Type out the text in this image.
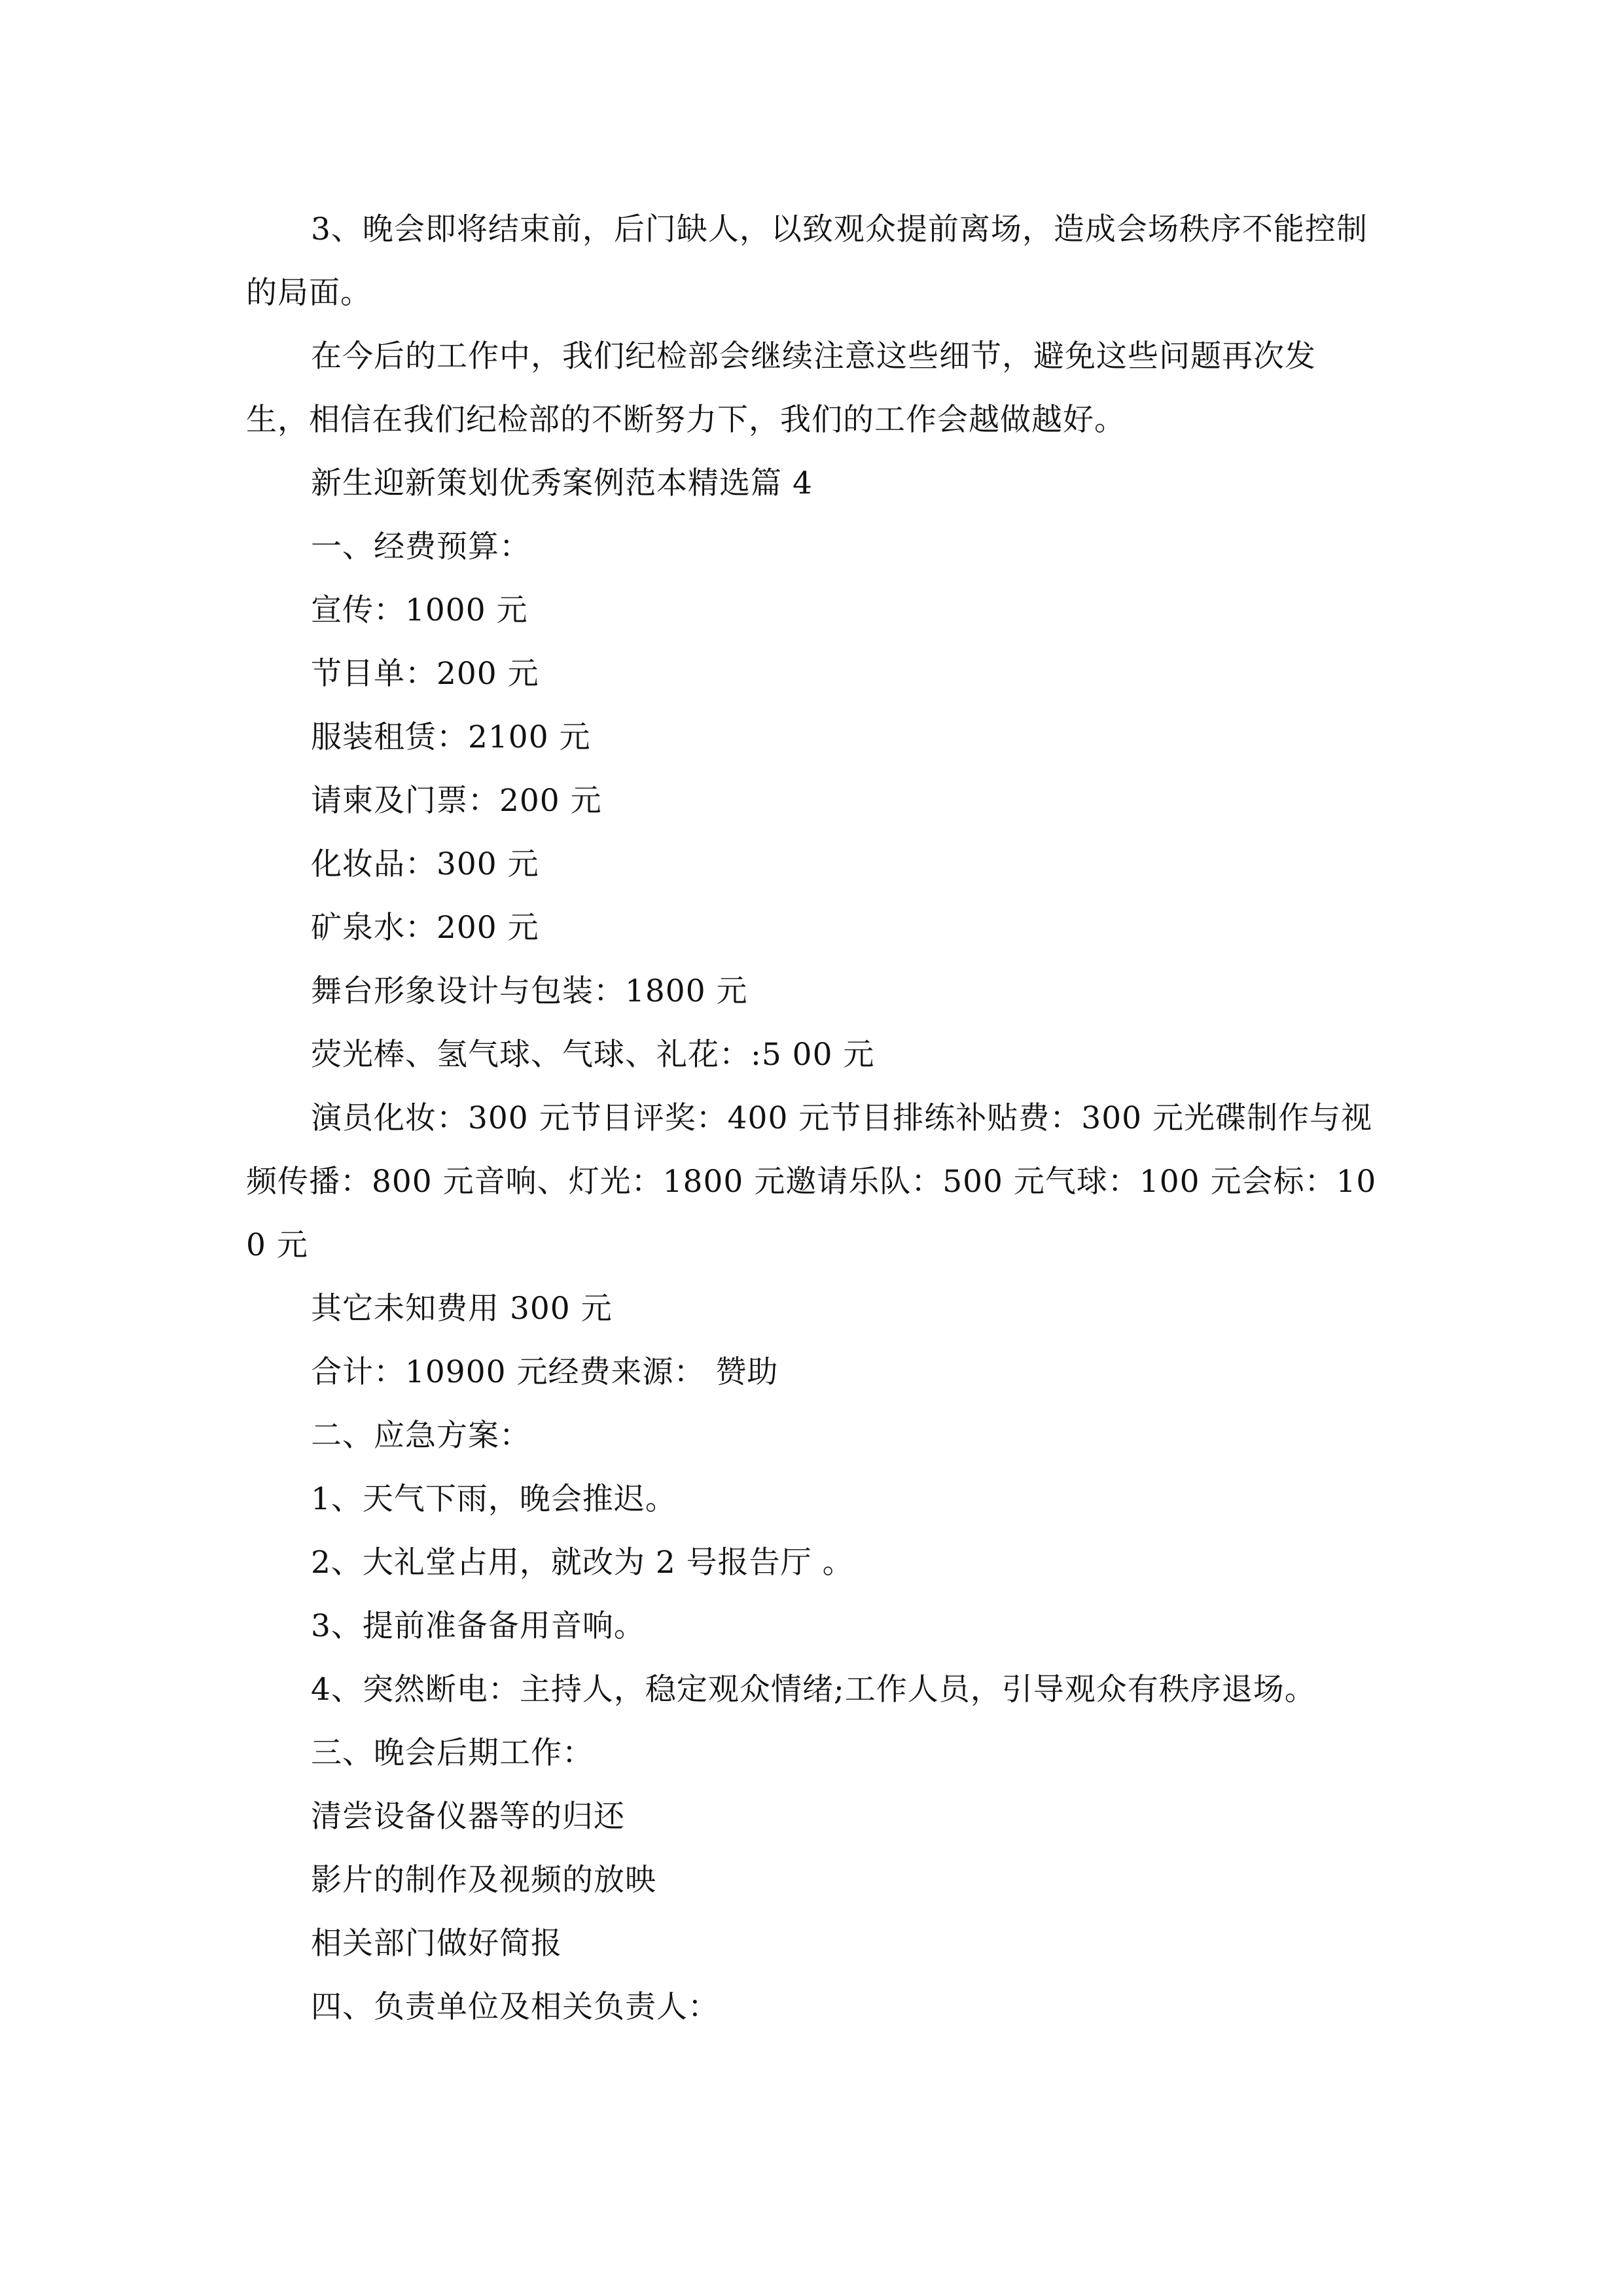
3、晚会即将结束前，后门缺人，以致观众提前离场，造成会场秩序不能控制的局面。
在今后的工作中，我们纪检部会继续注意这些细节，避免这些问题再次发生，相信在我们纪检部的不断努力下，我们的工作会越做越好。
新生迎新策划优秀案例范本精选篇 4
一、经费预算：
宣传：1000 元
节目单：200 元
服装租赁：2100 元
请柬及门票：200 元
化妆品：300 元
矿泉水：200 元
舞台形象设计与包装：1800 元
荧光棒、氢气球、气球、礼花：:5 00 元
演员化妆：300 元节目评奖：400 元节目排练补贴费：300 元光碟制作与视频传播：800 元音响、灯光：1800 元邀请乐队：500 元气球：100 元会标：100 元
其它未知费用 300 元
合计：10900 元经费来源： 赞助
二、应急方案：
1、天气下雨，晚会推迟。
2、大礼堂占用，就改为 2 号报告厅 。
3、提前准备备用音响。
4、突然断电：主持人，稳定观众情绪;工作人员，引导观众有秩序退场。
三、晚会后期工作：
清尝设备仪器等的归还
影片的制作及视频的放映
相关部门做好简报
四、负责单位及相关负责人：
